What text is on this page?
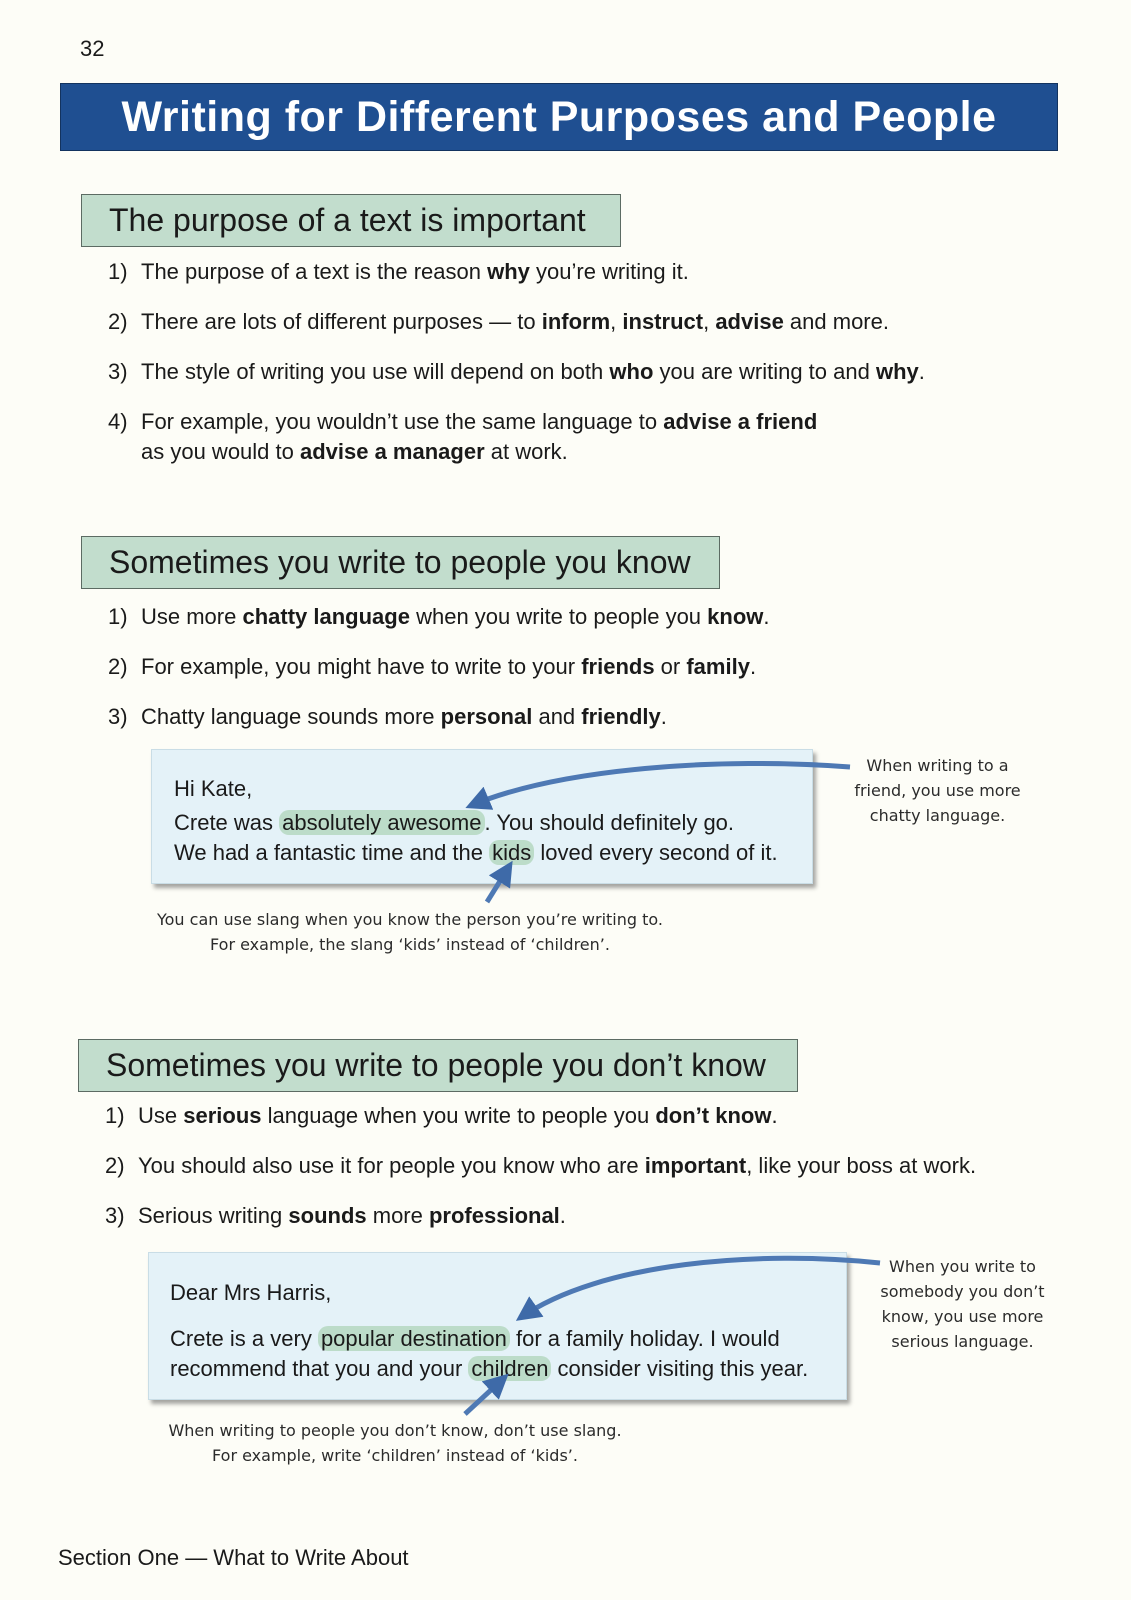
32
Writing for Different Purposes and People
The purpose of a text is important
1) The purpose of a text is the reason why you’re writing it.
2) There are lots of different purposes — to inform, instruct, advise and more.
3) The style of writing you use will depend on both who you are writing to and why.
4) For example, you wouldn’t use the same language to advise a friend
as you would to advise a manager at work.
Sometimes you write to people you know
1) Use more chatty language when you write to people you know.
2) For example, you might have to write to your friends or family.
3) Chatty language sounds more personal and friendly.
Hi Kate,
Crete was absolutely awesome . You should definitely go.
We had a fantastic time and the kids loved every second of it.
When writing to a
friend, you use more
chatty language.
You can use slang when you know the person you’re writing to.
For example, the slang ‘kids’ instead of ‘children’.
Sometimes you write to people you don’t know
1) Use serious language when you write to people you don’t know.
2) You should also use it for people you know who are important, like your boss at work.
3) Serious writing sounds more professional.
Dear Mrs Harris,
Crete is a very popular destination for a family holiday. I would
recommend that you and your children consider visiting this year.
When you write to
somebody you don’t
know, you use more
serious language.
When writing to people you don’t know, don’t use slang.
For example, write ‘children’ instead of ‘kids’.
Section One — What to Write About
